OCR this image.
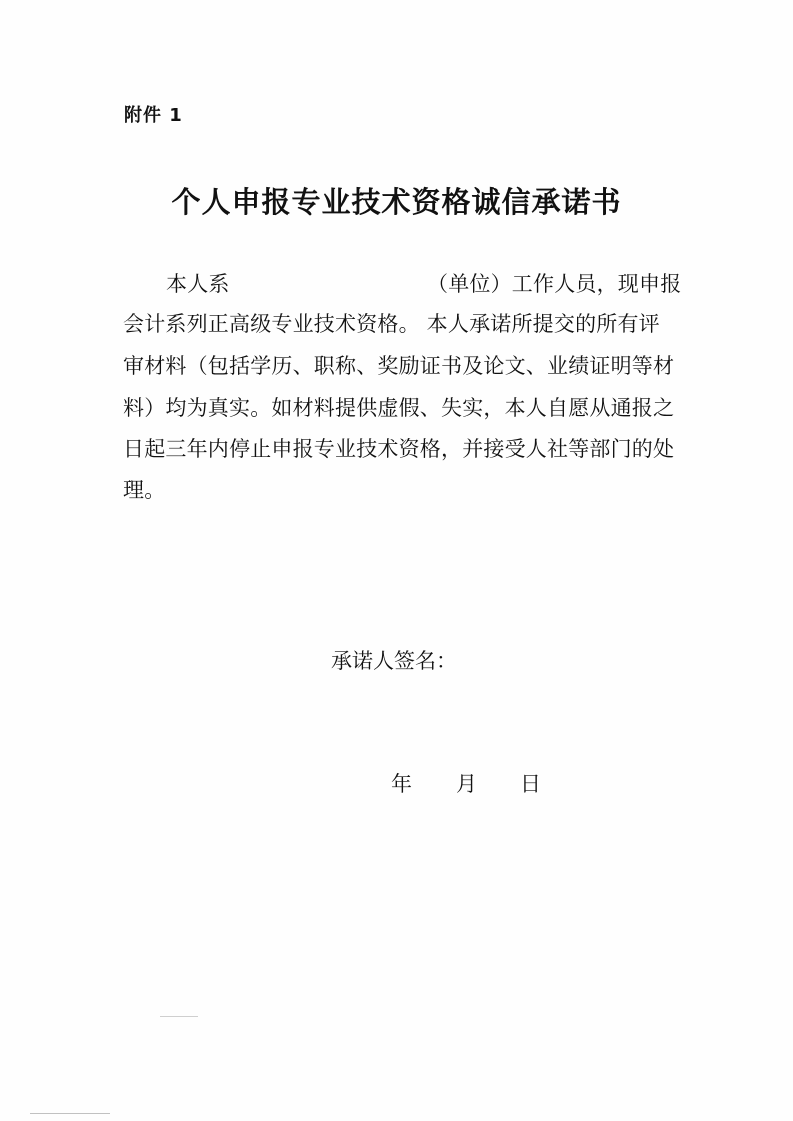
附件 1
个人申报专业技术资格诚信承诺书
本人系	（单位）工作人员，现申报
会计系列正高级专业技术资格。 本人承诺所提交的所有评
审材料（包括学历、职称、奖励证书及论文、业绩证明等材
料）均为真实。如材料提供虚假、失实，本人自愿从通报之
日起三年内停止申报专业技术资格，并接受人社等部门的处
理。
承诺人签名：
年 月 日
